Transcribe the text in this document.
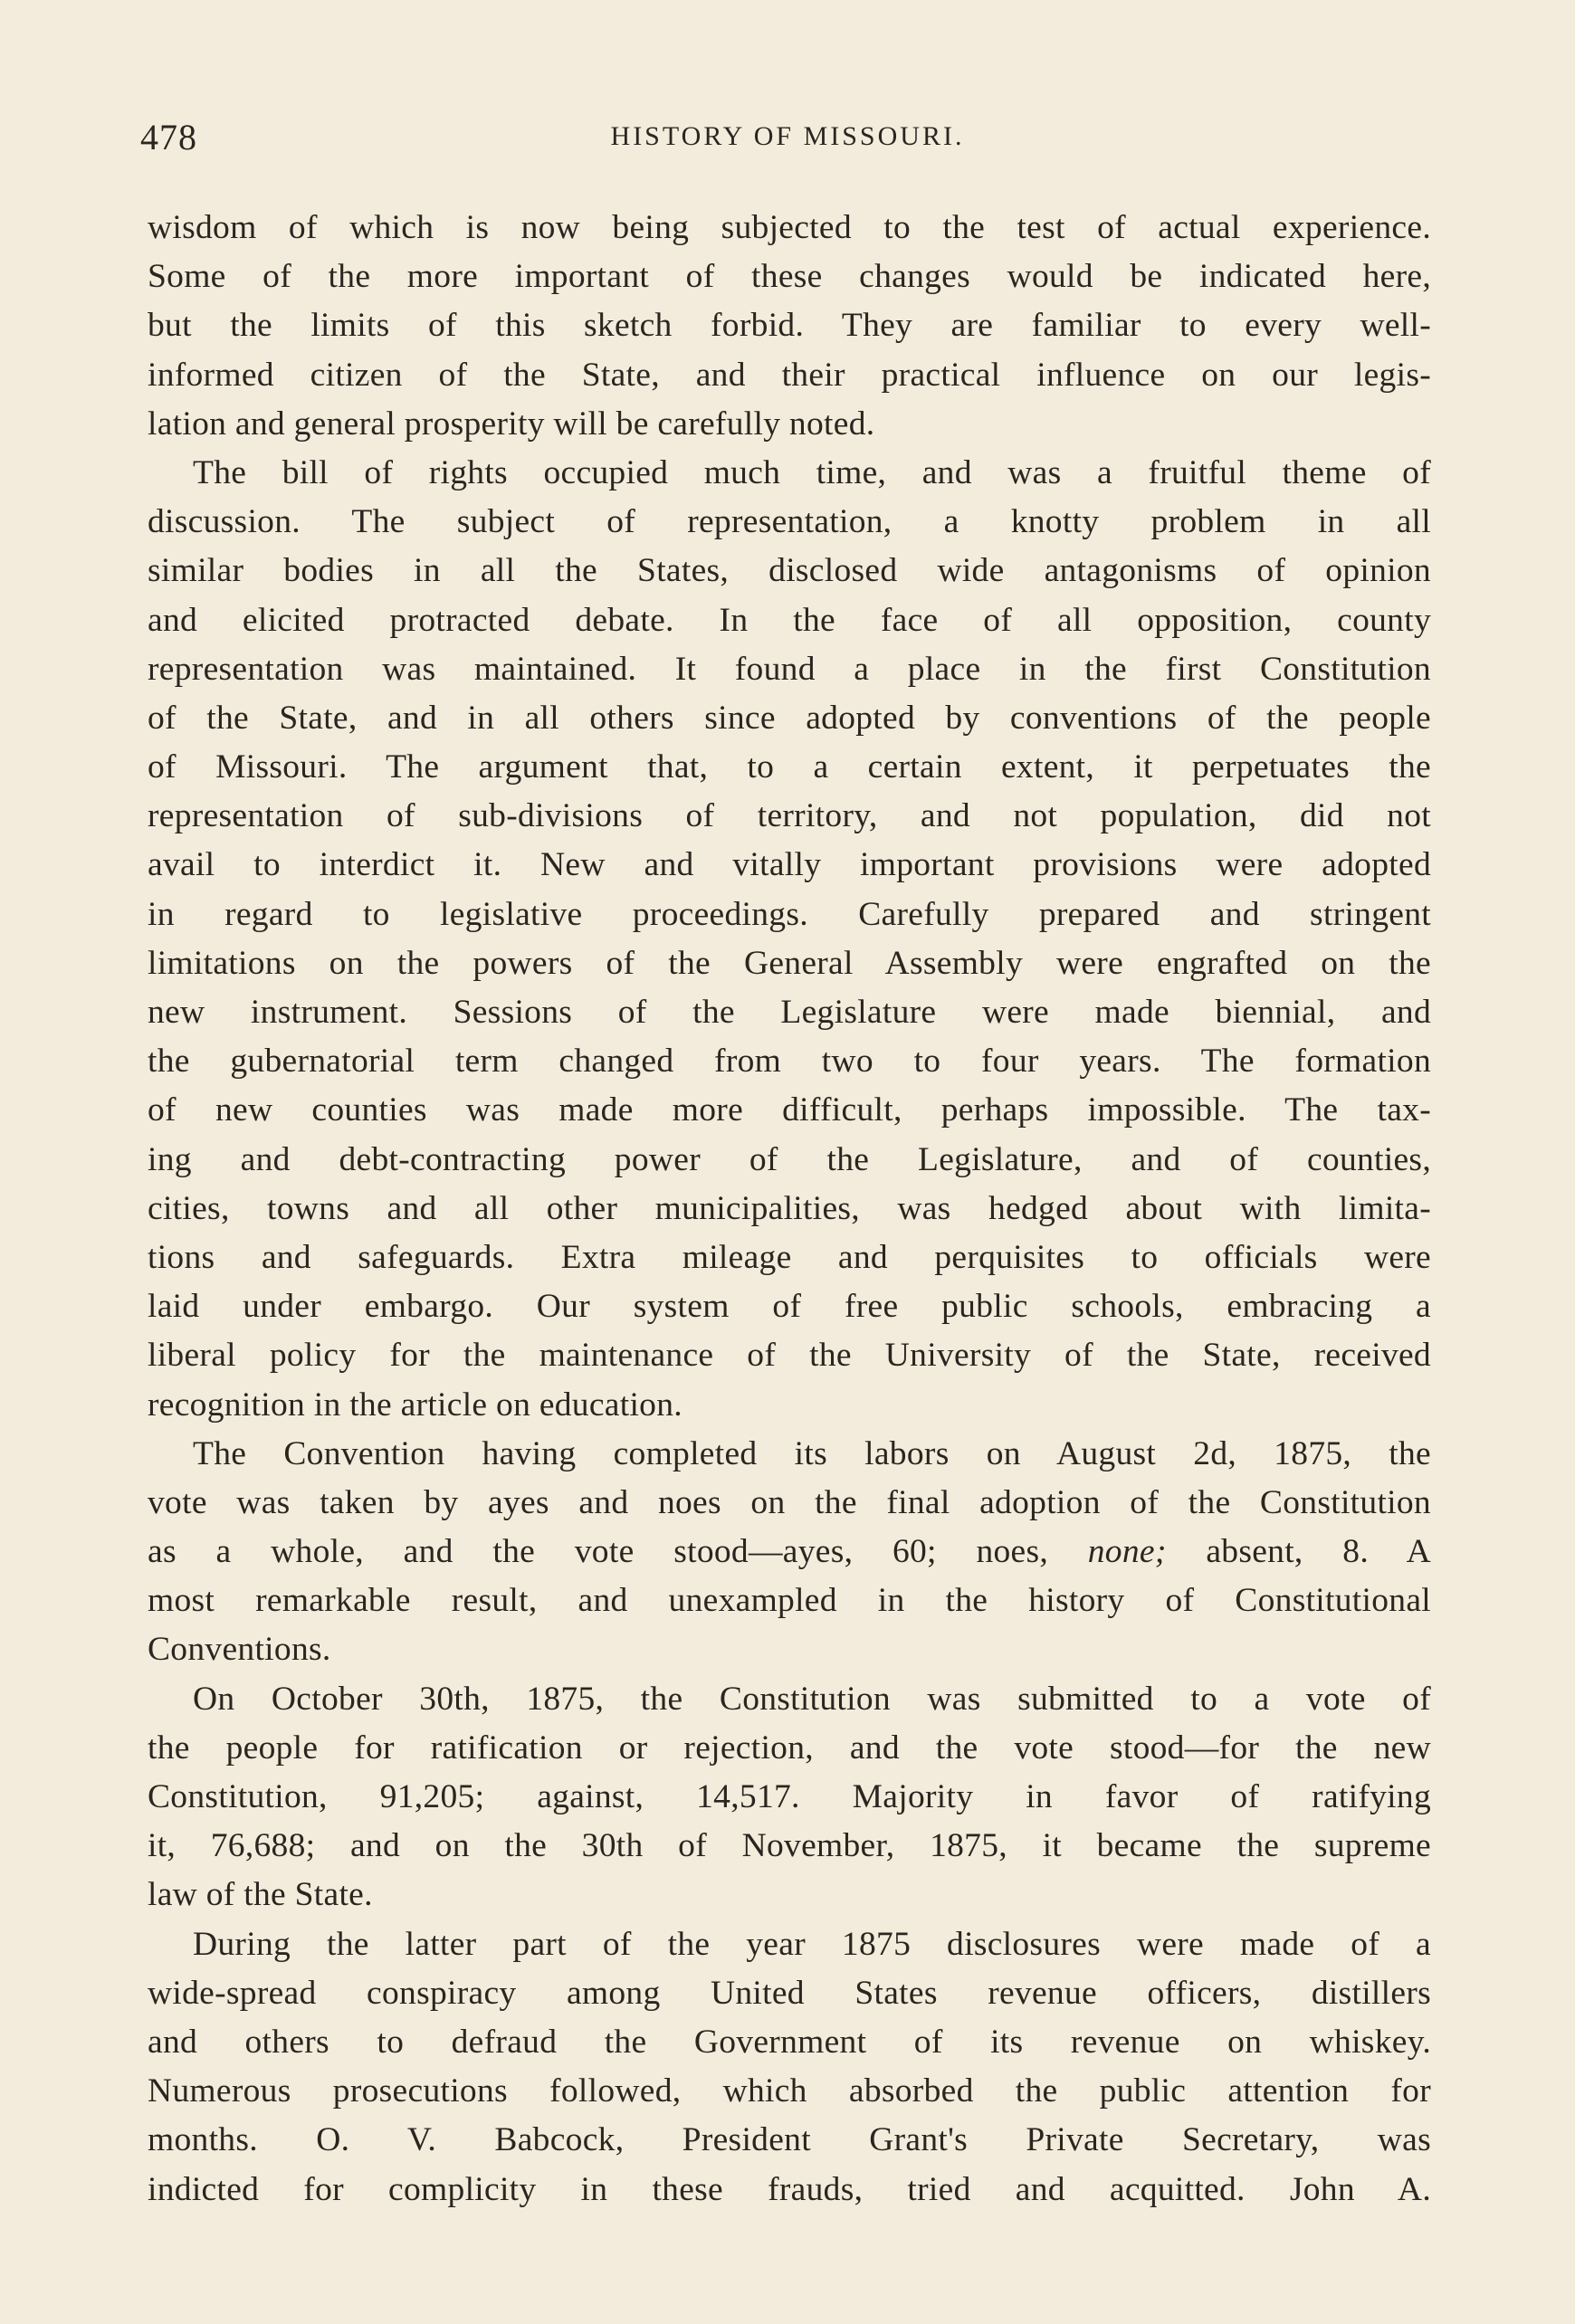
478	HISTORY OF MISSOURI.
wisdom of which is now being subjected to the test of actual experience.
Some of the more important of these changes would be indicated here,
but the limits of this sketch forbid. They are familiar to every well-
informed citizen of the State, and their practical influence on our legis-
lation and general prosperity will be carefully noted.
The bill of rights occupied much time, and was a fruitful theme of
discussion. The subject of representation, a knotty problem in all
similar bodies in all the States, disclosed wide antagonisms of opinion
and elicited protracted debate. In the face of all opposition, county
representation was maintained. It found a place in the first Constitution
of the State, and in all others since adopted by conventions of the people
of Missouri. The argument that, to a certain extent, it perpetuates the
representation of sub-divisions of territory, and not population, did not
avail to interdict it. New and vitally important provisions were adopted
in regard to legislative proceedings. Carefully prepared and stringent
limitations on the powers of the General Assembly were engrafted on the
new instrument. Sessions of the Legislature were made biennial, and
the gubernatorial term changed from two to four years. The formation
of new counties was made more difficult, perhaps impossible. The tax-
ing and debt-contracting power of the Legislature, and of counties,
cities, towns and all other municipalities, was hedged about with limita-
tions and safeguards. Extra mileage and perquisites to officials were
laid under embargo. Our system of free public schools, embracing a
liberal policy for the maintenance of the University of the State, received
recognition in the article on education.
The Convention having completed its labors on August 2d, 1875, the
vote was taken by ayes and noes on the final adoption of the Constitution
as a whole, and the vote stood—ayes, 60; noes, none; absent, 8. A
most remarkable result, and unexampled in the history of Constitutional
Conventions.
On October 30th, 1875, the Constitution was submitted to a vote of
the people for ratification or rejection, and the vote stood—for the new
Constitution, 91,205; against, 14,517. Majority in favor of ratifying
it, 76,688; and on the 30th of November, 1875, it became the supreme
law of the State.
During the latter part of the year 1875 disclosures were made of a
wide-spread conspiracy among United States revenue officers, distillers
and others to defraud the Government of its revenue on whiskey.
Numerous prosecutions followed, which absorbed the public attention for
months. O. V. Babcock, President Grant's Private Secretary, was
indicted for complicity in these frauds, tried and acquitted. John A.
